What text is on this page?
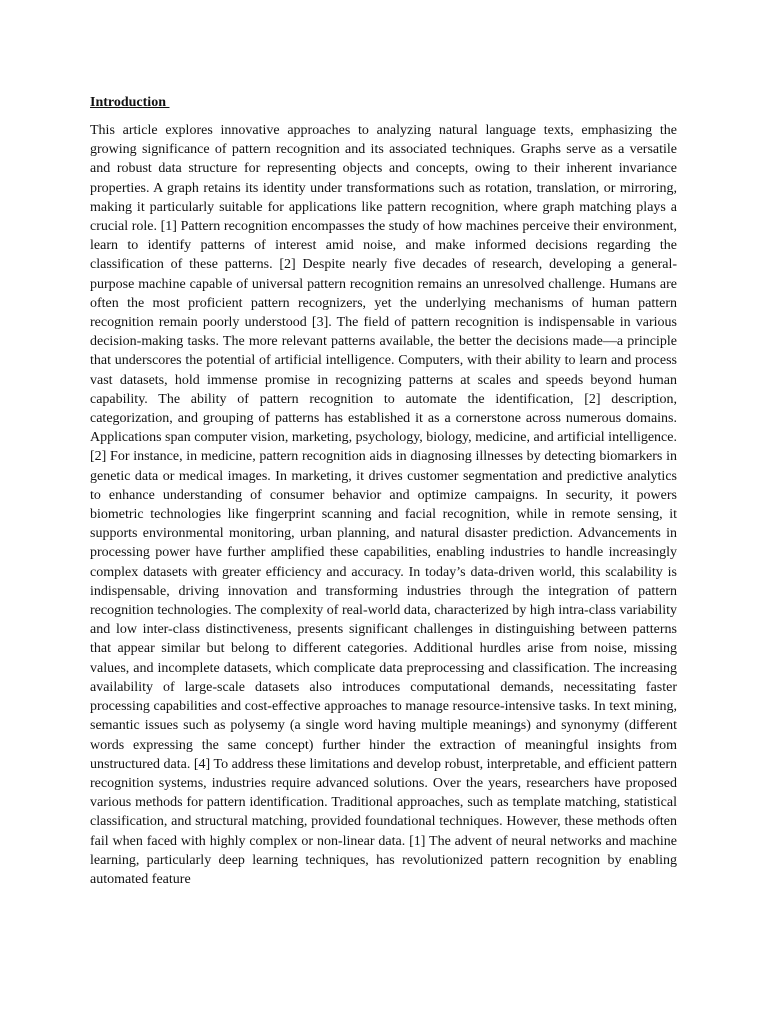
Introduction

This article explores innovative approaches to analyzing natural language texts, emphasizing the growing significance of pattern recognition and its associated techniques. Graphs serve as a versatile and robust data structure for representing objects and concepts, owing to their inherent invariance properties. A graph retains its identity under transformations such as rotation, translation, or mirroring, making it particularly suitable for applications like pattern recognition, where graph matching plays a crucial role. [1] Pattern recognition encompasses the study of how machines perceive their environment, learn to identify patterns of interest amid noise, and make informed decisions regarding the classification of these patterns. [2] Despite nearly five decades of research, developing a general-purpose machine capable of universal pattern recognition remains an unresolved challenge. Humans are often the most proficient pattern recognizers, yet the underlying mechanisms of human pattern recognition remain poorly understood [3]. The field of pattern recognition is indispensable in various decision-making tasks. The more relevant patterns available, the better the decisions made—a principle that underscores the potential of artificial intelligence. Computers, with their ability to learn and process vast datasets, hold immense promise in recognizing patterns at scales and speeds beyond human capability. The ability of pattern recognition to automate the identification, [2] description, categorization, and grouping of patterns has established it as a cornerstone across numerous domains. Applications span computer vision, marketing, psychology, biology, medicine, and artificial intelligence. [2] For instance, in medicine, pattern recognition aids in diagnosing illnesses by detecting biomarkers in genetic data or medical images. In marketing, it drives customer segmentation and predictive analytics to enhance understanding of consumer behavior and optimize campaigns. In security, it powers biometric technologies like fingerprint scanning and facial recognition, while in remote sensing, it supports environmental monitoring, urban planning, and natural disaster prediction. Advancements in processing power have further amplified these capabilities, enabling industries to handle increasingly complex datasets with greater efficiency and accuracy. In today’s data-driven world, this scalability is indispensable, driving innovation and transforming industries through the integration of pattern recognition technologies. The complexity of real-world data, characterized by high intra-class variability and low inter-class distinctiveness, presents significant challenges in distinguishing between patterns that appear similar but belong to different categories. Additional hurdles arise from noise, missing values, and incomplete datasets, which complicate data preprocessing and classification. The increasing availability of large-scale datasets also introduces computational demands, necessitating faster processing capabilities and cost-effective approaches to manage resource-intensive tasks. In text mining, semantic issues such as polysemy (a single word having multiple meanings) and synonymy (different words expressing the same concept) further hinder the extraction of meaningful insights from unstructured data. [4] To address these limitations and develop robust, interpretable, and efficient pattern recognition systems, industries require advanced solutions. Over the years, researchers have proposed various methods for pattern identification. Traditional approaches, such as template matching, statistical classification, and structural matching, provided foundational techniques. However, these methods often fail when faced with highly complex or non-linear data. [1] The advent of neural networks and machine learning, particularly deep learning techniques, has revolutionized pattern recognition by enabling automated feature
